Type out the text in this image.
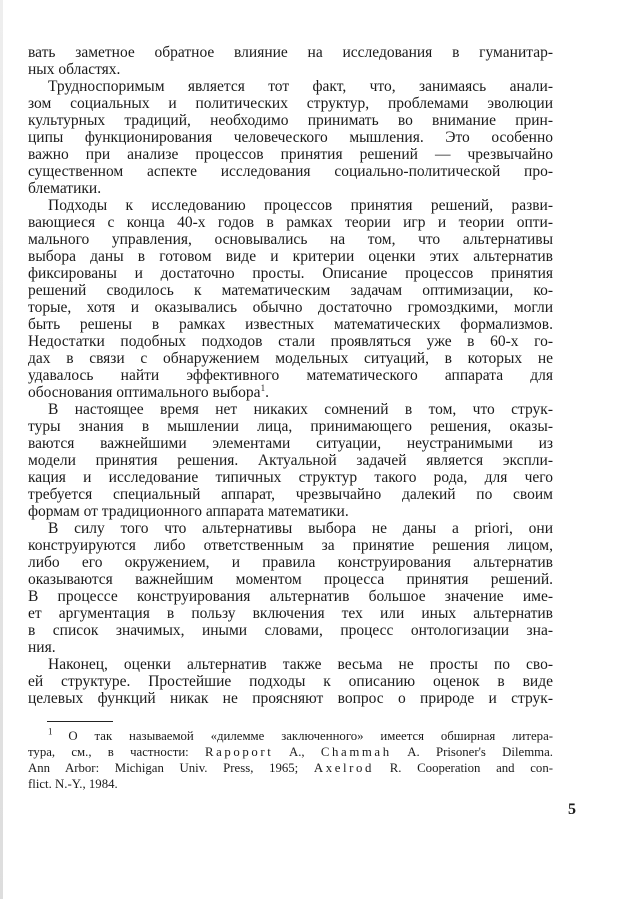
вать заметное обратное влияние на исследования в гуманитар-
ных областях.
Трудноспоримым является тот факт, что, занимаясь анали-
зом социальных и политических структур, проблемами эволюции
культурных традиций, необходимо принимать во внимание прин-
ципы функционирования человеческого мышления. Это особенно
важно при анализе процессов принятия решений — чрезвычайно
существенном аспекте исследования социально-политической про-
блематики.
Подходы к исследованию процессов принятия решений, разви-
вающиеся с конца 40-х годов в рамках теории игр и теории опти-
мального управления, основывались на том, что альтернативы
выбора даны в готовом виде и критерии оценки этих альтернатив
фиксированы и достаточно просты. Описание процессов принятия
решений сводилось к математическим задачам оптимизации, ко-
торые, хотя и оказывались обычно достаточно громоздкими, могли
быть решены в рамках известных математических формализмов.
Недостатки подобных подходов стали проявляться уже в 60-х го-
дах в связи с обнаружением модельных ситуаций, в которых не
удавалось найти эффективного математического аппарата для
обоснования оптимального выбора$^1$.
В настоящее время нет никаких сомнений в том, что струк-
туры знания в мышлении лица, принимающего решения, оказы-
ваются важнейшими элементами ситуации, неустранимыми из
модели принятия решения. Актуальной задачей является экспли-
кация и исследование типичных структур такого рода, для чего
требуется специальный аппарат, чрезвычайно далекий по своим
формам от традиционного аппарата математики.
В силу того что альтернативы выбора не даны a priori, они
конструируются либо ответственным за принятие решения лицом,
либо его окружением, и правила конструирования альтернатив
оказываются важнейшим моментом процесса принятия решений.
В процессе конструирования альтернатив большое значение име-
ет аргументация в пользу включения тех или иных альтернатив
в список значимых, иными словами, процесс онтологизации зна-
ния.
Наконец, оценки альтернатив также весьма не просты по сво-
ей структуре. Простейшие подходы к описанию оценок в виде
целевых функций никак не проясняют вопрос о природе и струк-
$^1$ О так называемой «дилемме заключенного» имеется обширная литера-
тура, см., в частности: Rapoport A., Chammah A. Prisoner's Dilemma.
Ann Arbor: Michigan Univ. Press, 1965; Axelrod R. Cooperation and con-
flict. N.-Y., 1984.
5
